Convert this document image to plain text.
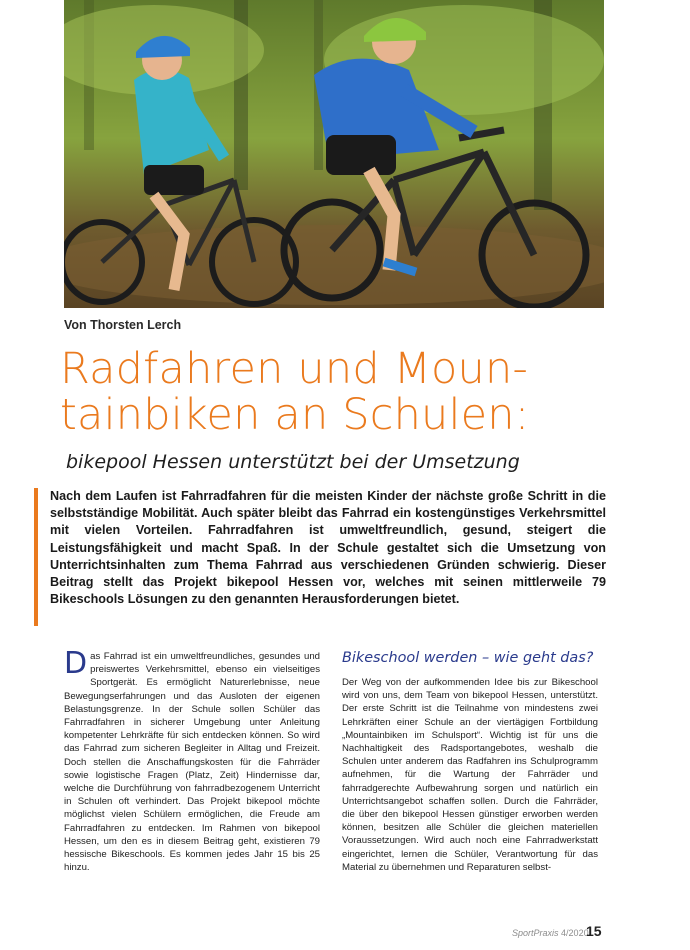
Von Thorsten Lerch
Radfahren und Moun- tainbiken an Schulen:
bikepool Hessen unterstützt bei der Umsetzung

Nach dem Laufen ist Fahrradfahren für die meisten Kinder der nächste große Schritt in die selbstständige Mobilität. Auch später bleibt das Fahrrad ein kostengünstiges Verkehrsmittel mit vielen Vorteilen. Fahrradfahren ist umweltfreundlich, gesund, steigert die Leistungsfähigkeit und macht Spaß. In der Schule gestaltet sich die Umsetzung von Unterrichtsinhalten zum Thema Fahrrad aus verschiedenen Gründen schwierig. Dieser Beitrag stellt das Projekt bikepool Hessen vor, welches mit seinen mittlerweile 79 Bikeschools Lösungen zu den genannten Herausforderungen bietet.

Das Fahrrad ist ein umweltfreundliches, gesundes und preiswertes Verkehrsmittel, ebenso ein vielseitiges Sportgerät. Es ermöglicht Naturerlebnisse, neue Bewegungserfahrungen und das Ausloten der eigenen Belastungsgrenze. In der Schule sollen Schüler das Fahrradfahren in sicherer Umgebung unter Anleitung kompetenter Lehrkräfte für sich entdecken können. So wird das Fahrrad zum sicheren Begleiter in Alltag und Freizeit. Doch stellen die Anschaffungskosten für die Fahrräder sowie logistische Fragen (Platz, Zeit) Hindernisse dar, welche die Durchführung von fahrradbezogenem Unterricht in Schulen oft verhindert. Das Projekt bikepool möchte möglichst vielen Schülern ermöglichen, die Freude am Fahrradfahren zu entdecken. Im Rahmen von bikepool Hessen, um den es in diesem Beitrag geht, existieren 79 hessische Bikeschools. Es kommen jedes Jahr 15 bis 25 hinzu.

Bikeschool werden – wie geht das?

Der Weg von der aufkommenden Idee bis zur Bikeschool wird von uns, dem Team von bikepool Hessen, unterstützt. Der erste Schritt ist die Teilnahme von mindestens zwei Lehrkräften einer Schule an der viertägigen Fortbildung „Mountainbiken im Schulsport“. Wichtig ist für uns die Nachhaltigkeit des Radsportangebotes, weshalb die Schulen unter anderem das Radfahren ins Schulprogramm aufnehmen, für die Wartung der Fahrräder und fahrradgerechte Aufbewahrung sorgen und natürlich ein Unterrichtsangebot schaffen sollen. Durch die Fahrräder, die über den bikepool Hessen günstiger erworben werden können, besitzen alle Schüler die gleichen materiellen Voraussetzungen. Wird auch noch eine Fahrradwerkstatt eingerichtet, lernen die Schüler, Verantwortung für das Material zu übernehmen und Reparaturen selbst-

SportPraxis 4/2020
15
